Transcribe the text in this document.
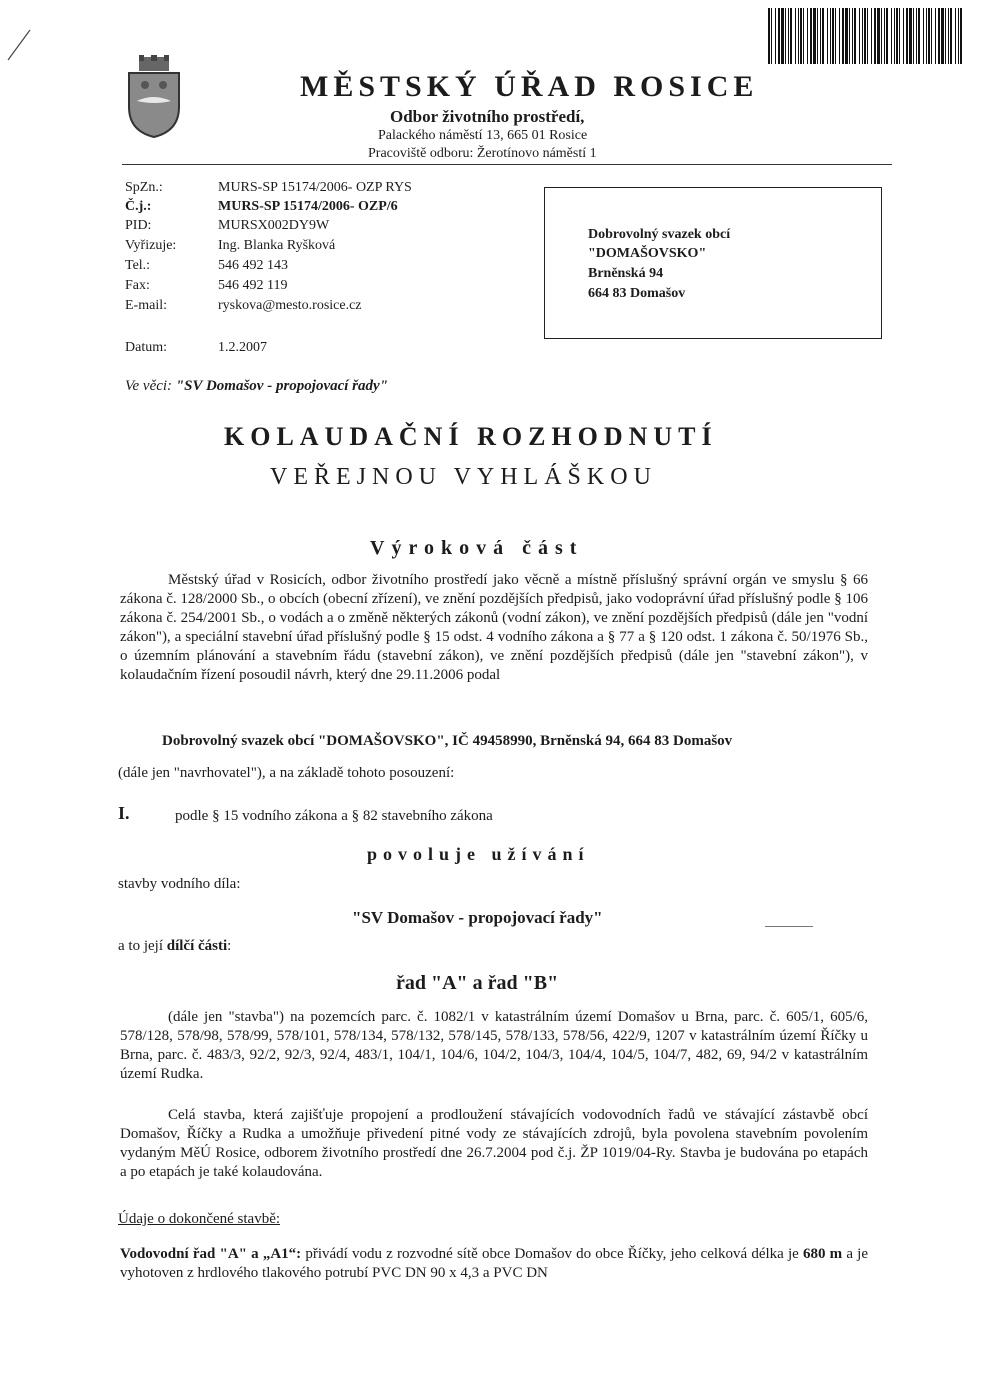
MĚSTSKÝ ÚŘAD ROSICE
Odbor životního prostředí,
Palackého náměstí 13, 665 01 Rosice
Pracoviště odboru: Žerotínovo náměstí 1
SpZn.:	MURS-SP 15174/2006- OZP RYS
Č.j.:	MURS-SP 15174/2006- OZP/6
PID:	MURSX002DY9W
Vyřizuje:	Ing. Blanka Ryšková
Tel.:	546 492 143
Fax:	546 492 119
E-mail:	ryskova@mesto.rosice.cz
Datum:	1.2.2007
Dobrovolný svazek obcí
"DOMAŠOVSKO"
Brněnská 94
664 83 Domašov
Ve věci: "SV Domašov - propojovací řady"
KOLAUDAČNÍ ROZHODNUTÍ
VEŘEJNOU VYHLÁŠKOU
Výroková část
Městský úřad v Rosicích, odbor životního prostředí jako věcně a místně příslušný správní orgán ve smyslu § 66 zákona č. 128/2000 Sb., o obcích (obecní zřízení), ve znění pozdějších předpisů, jako vodoprávní úřad příslušný podle § 106 zákona č. 254/2001 Sb., o vodách a o změně některých zákonů (vodní zákon), ve znění pozdějších předpisů (dále jen "vodní zákon"), a speciální stavební úřad příslušný podle § 15 odst. 4 vodního zákona a § 77 a § 120 odst. 1 zákona č. 50/1976 Sb., o územním plánování a stavebním řádu (stavební zákon), ve znění pozdějších předpisů (dále jen "stavební zákon"), v kolaudačním řízení posoudil návrh, který dne 29.11.2006 podal
Dobrovolný svazek obcí "DOMAŠOVSKO", IČ 49458990, Brněnská 94, 664 83 Domašov
(dále jen "navrhovatel"), a na základě tohoto posouzení:
I.	podle § 15 vodního zákona a § 82 stavebního zákona
povoluje užívání
stavby vodního díla:
"SV Domašov - propojovací řady"
a to její dílčí části:
řad "A" a řad "B"
(dále jen "stavba") na pozemcích parc. č. 1082/1 v katastrálním území Domašov u Brna, parc. č. 605/1, 605/6, 578/128, 578/98, 578/99, 578/101, 578/134, 578/132, 578/145, 578/133, 578/56, 422/9, 1207 v katastrálním území Říčky u Brna, parc. č. 483/3, 92/2, 92/3, 92/4, 483/1, 104/1, 104/6, 104/2, 104/3, 104/4, 104/5, 104/7, 482, 69, 94/2 v katastrálním území Rudka.
Celá stavba, která zajišťuje propojení a prodloužení stávajících vodovodních řadů ve stávající zástavbě obcí Domašov, Říčky a Rudka a umožňuje přivedení pitné vody ze stávajících zdrojů, byla povolena stavebním povolením vydaným MěÚ Rosice, odborem životního prostředí dne 26.7.2004 pod č.j. ŽP 1019/04-Ry. Stavba je budována po etapách a po etapách je také kolaudována.
Údaje o dokončené stavbě:
Vodovodní řad "A" a „A1“: přivádí vodu z rozvodné sítě obce Domašov do obce Říčky, jeho celková délka je 680 m a je vyhotoven z hrdlového tlakového potrubí PVC DN 90 x 4,3 a PVC DN
